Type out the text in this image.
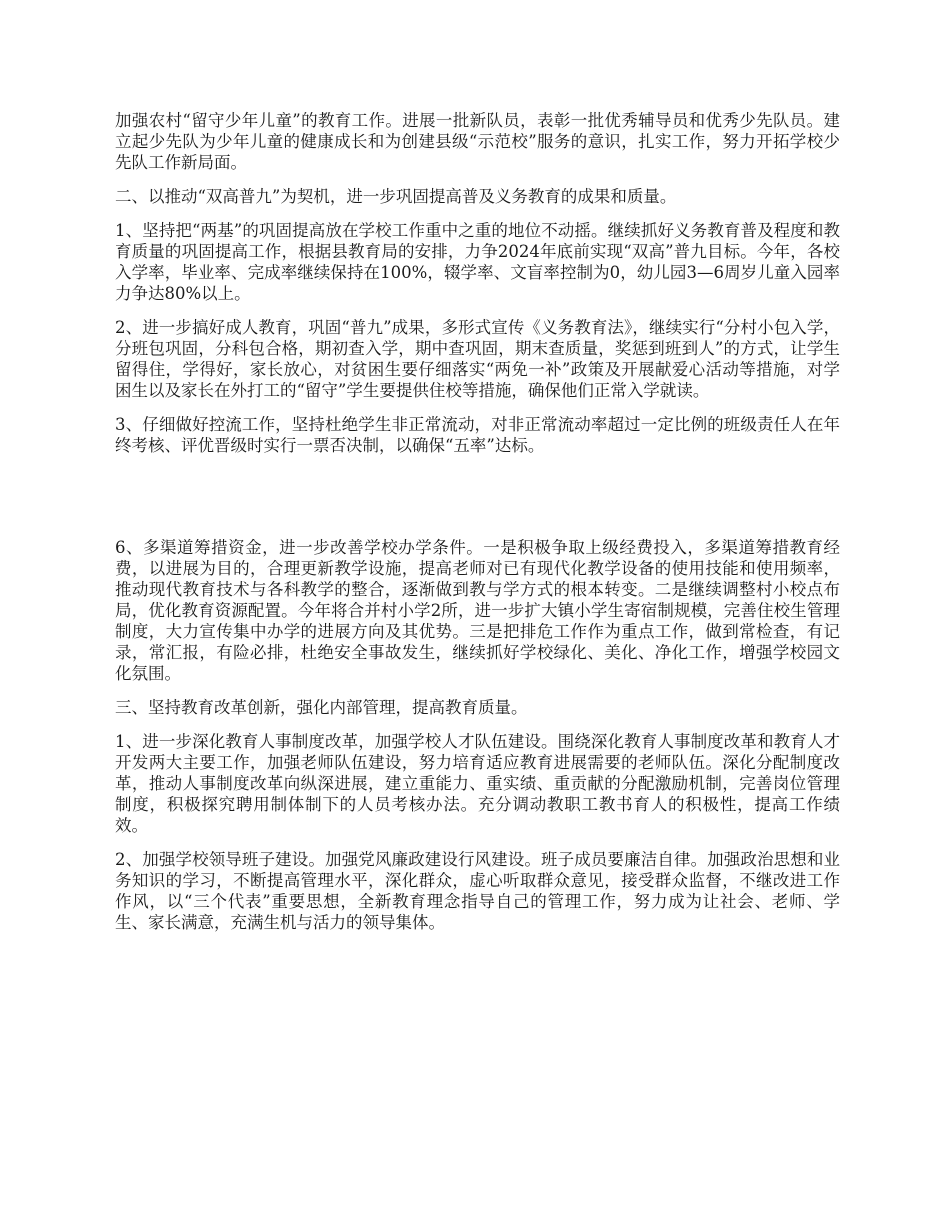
加强农村“留守少年儿童”的教育工作。进展一批新队员，表彰一批优秀辅导员和优秀少先队员。建立起少先队为少年儿童的健康成长和为创建县级“示范校”服务的意识，扎实工作，努力开拓学校少先队工作新局面。

二、以推动“双高普九”为契机，进一步巩固提高普及义务教育的成果和质量。

1、坚持把“两基”的巩固提高放在学校工作重中之重的地位不动摇。继续抓好义务教育普及程度和教育质量的巩固提高工作，根据县教育局的安排，力争2024年底前实现“双高”普九目标。今年，各校入学率，毕业率、完成率继续保持在100%，辍学率、文盲率控制为0，幼儿园3—6周岁儿童入园率力争达80%以上。

2、进一步搞好成人教育，巩固“普九”成果，多形式宣传《义务教育法》，继续实行“分村小包入学，分班包巩固，分科包合格，期初查入学，期中查巩固，期末查质量，奖惩到班到人”的方式，让学生留得住，学得好，家长放心，对贫困生要仔细落实“两免一补”政策及开展献爱心活动等措施，对学困生以及家长在外打工的“留守”学生要提供住校等措施，确保他们正常入学就读。

3、仔细做好控流工作，坚持杜绝学生非正常流动，对非正常流动率超过一定比例的班级责任人在年终考核、评优晋级时实行一票否决制，以确保“五率”达标。

6、多渠道筹措资金，进一步改善学校办学条件。一是积极争取上级经费投入，多渠道筹措教育经费，以进展为目的，合理更新教学设施，提高老师对已有现代化教学设备的使用技能和使用频率，推动现代教育技术与各科教学的整合，逐渐做到教与学方式的根本转变。二是继续调整村小校点布局，优化教育资源配置。今年将合并村小学2所，进一步扩大镇小学生寄宿制规模，完善住校生管理制度，大力宣传集中办学的进展方向及其优势。三是把排危工作作为重点工作，做到常检查，有记录，常汇报，有险必排，杜绝安全事故发生，继续抓好学校绿化、美化、净化工作，增强学校园文化氛围。

三、坚持教育改革创新，强化内部管理，提高教育质量。

1、进一步深化教育人事制度改革，加强学校人才队伍建设。围绕深化教育人事制度改革和教育人才开发两大主要工作，加强老师队伍建设，努力培育适应教育进展需要的老师队伍。深化分配制度改革，推动人事制度改革向纵深进展，建立重能力、重实绩、重贡献的分配激励机制，完善岗位管理制度，积极探究聘用制体制下的人员考核办法。充分调动教职工教书育人的积极性，提高工作绩效。

2、加强学校领导班子建设。加强党风廉政建设行风建设。班子成员要廉洁自律。加强政治思想和业务知识的学习，不断提高管理水平，深化群众，虚心听取群众意见，接受群众监督，不继改进工作作风，以“三个代表”重要思想，全新教育理念指导自己的管理工作，努力成为让社会、老师、学生、家长满意，充满生机与活力的领导集体。
